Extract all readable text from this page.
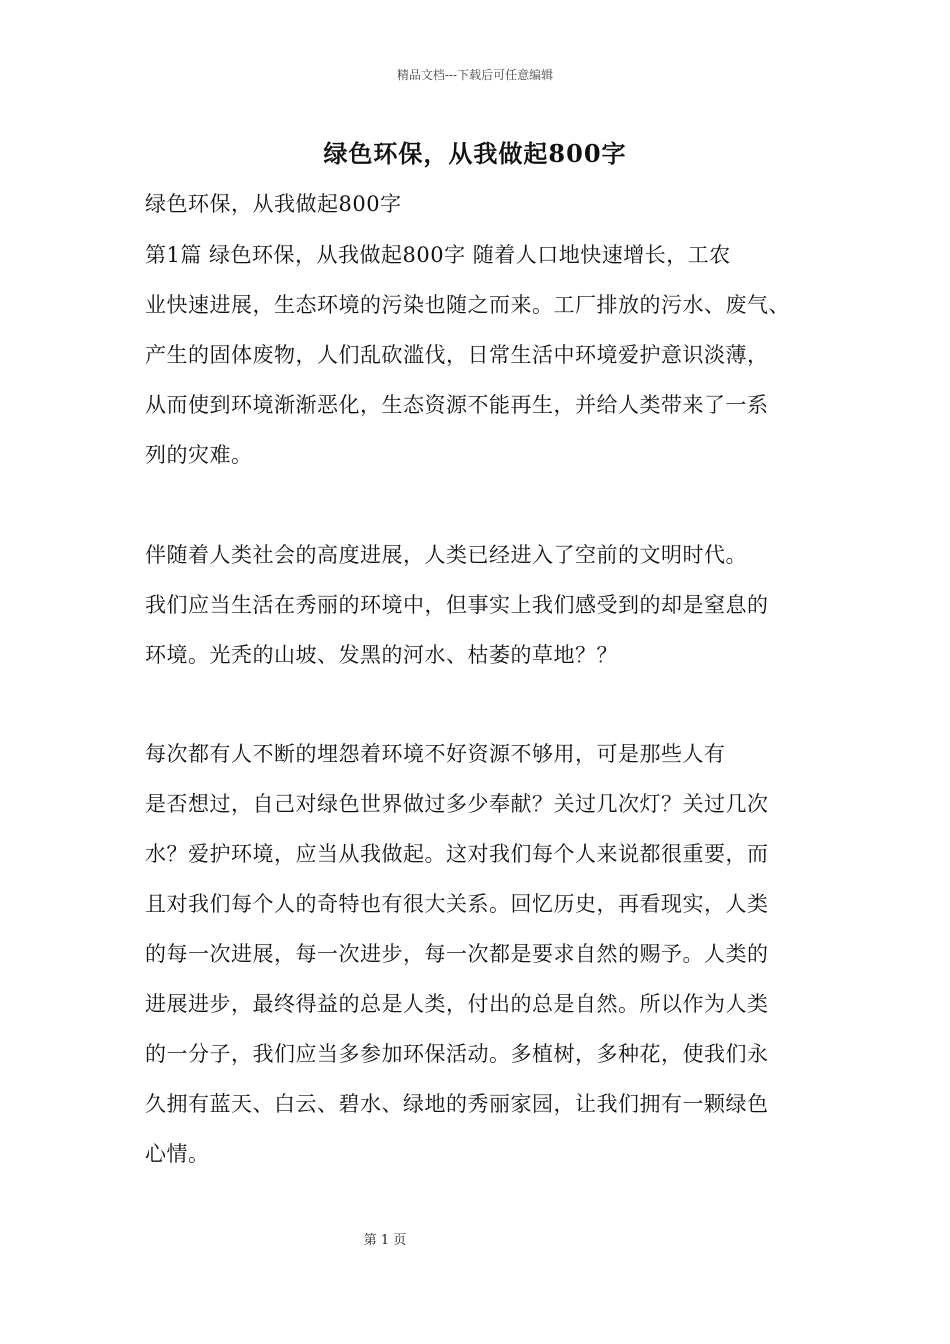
精品文档---下载后可任意编辑
绿色环保，从我做起800字
绿色环保，从我做起800字
第1篇 绿色环保，从我做起800字 随着人口地快速增长，工农
业快速进展，生态环境的污染也随之而来。工厂排放的污水、废气、
产生的固体废物，人们乱砍滥伐，日常生活中环境爱护意识淡薄，
从而使到环境渐渐恶化，生态资源不能再生，并给人类带来了一系
列的灾难。
伴随着人类社会的高度进展，人类已经进入了空前的文明时代。
我们应当生活在秀丽的环境中，但事实上我们感受到的却是窒息的
环境。光秃的山坡、发黑的河水、枯萎的草地？？
每次都有人不断的埋怨着环境不好资源不够用，可是那些人有
是否想过，自己对绿色世界做过多少奉献？关过几次灯？关过几次
水？爱护环境，应当从我做起。这对我们每个人来说都很重要，而
且对我们每个人的奇特也有很大关系。回忆历史，再看现实，人类
的每一次进展，每一次进步，每一次都是要求自然的赐予。人类的
进展进步，最终得益的总是人类，付出的总是自然。所以作为人类
的一分子，我们应当多参加环保活动。多植树，多种花，使我们永
久拥有蓝天、白云、碧水、绿地的秀丽家园，让我们拥有一颗绿色
心情。
第 1 页
